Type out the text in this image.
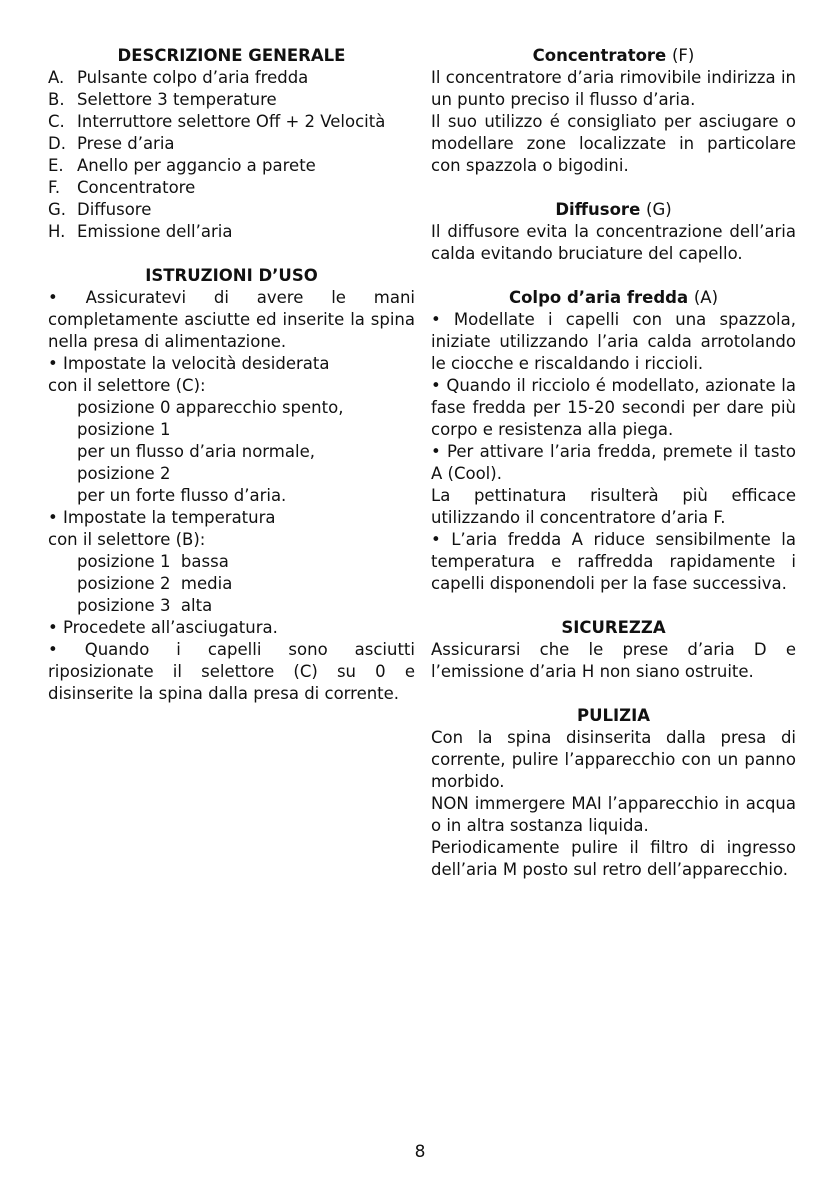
DESCRIZIONE GENERALE

A. Pulsante colpo d’aria fredda
B. Selettore 3 temperature
C. Interruttore selettore Off + 2 Velocità
D. Prese d’aria
E. Anello per aggancio a parete
F.	Concentratore
G. Diffusore
H. Emissione dell’aria

ISTRUZIONI D’USO

• Assicuratevi di avere le mani completamente asciutte ed inserite la spina nella presa di alimentazione.

• Impostate la velocità desiderata

con il selettore (C):

posizione 0 apparecchio spento,

posizione 1

per un flusso d’aria normale,

posizione 2

per un forte flusso d’aria.

• Impostate la temperatura

con il selettore (B):

posizione 1  bassa

posizione 2  media

posizione 3  alta

• Procedete all’asciugatura.

• Quando i capelli sono asciutti riposizionate il selettore (C) su 0 e disinserite la spina dalla presa di corrente.

Concentratore (F)

Il concentratore d’aria rimovibile indirizza in un punto preciso il flusso d’aria.

Il suo utilizzo é consigliato per asciugare o modellare zone localizzate in particolare con spazzola o bigodini.

Diffusore (G)

Il diffusore evita la concentrazione dell’aria calda evitando bruciature del capello.

Colpo d’aria fredda (A)

• Modellate i capelli con una spazzola, iniziate utilizzando l’aria calda arrotolando le ciocche e riscaldando i riccioli.

• Quando il ricciolo é modellato, azionate la fase fredda per 15-20 secondi per dare più corpo e resistenza alla piega.

• Per attivare l’aria fredda, premete il tasto A (Cool).

La pettinatura risulterà più efficace utilizzando il concentratore d’aria F.

• L’aria fredda A riduce sensibilmente la temperatura e raffredda rapidamente i capelli disponendoli per la fase successiva.

SICUREZZA

Assicurarsi che le prese d’aria D e l’emissione d’aria H non siano ostruite.

PULIZIA

Con la spina disinserita dalla presa di corrente, pulire l’apparecchio con un panno morbido.

NON immergere MAI l’apparecchio in acqua o in altra sostanza liquida.

Periodicamente pulire il filtro di ingresso dell’aria M posto sul retro dell’apparecchio.

8
